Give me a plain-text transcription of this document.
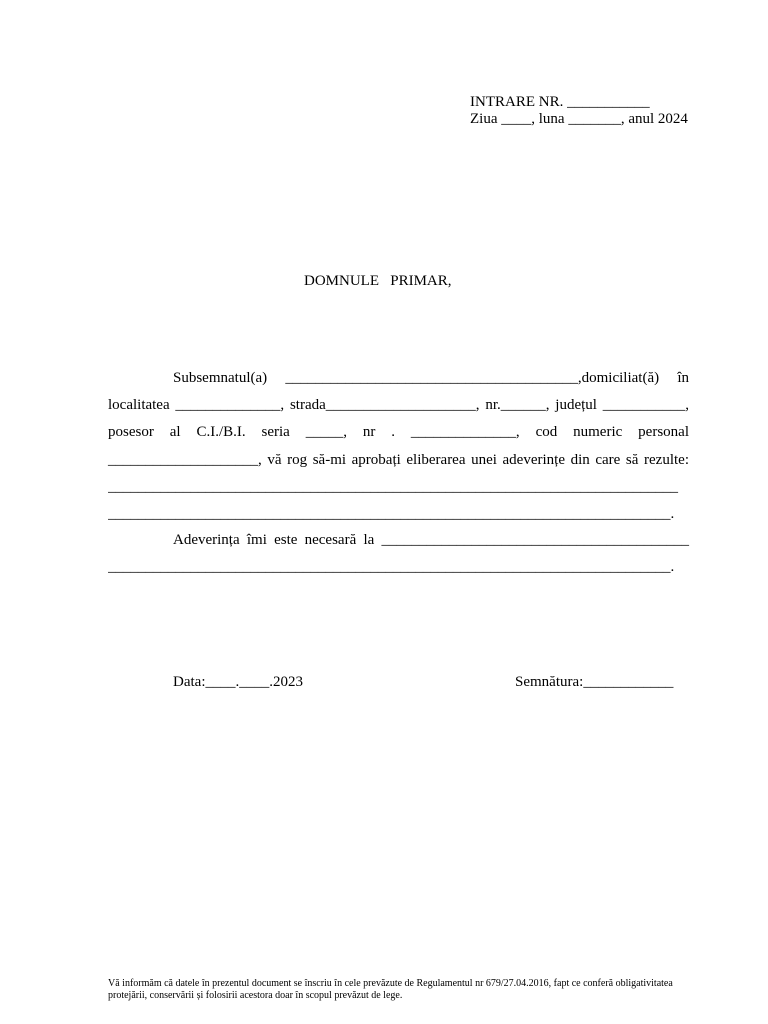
INTRARE NR. ___________
Ziua ____, luna _______, anul 2024
DOMNULE   PRIMAR,
Subsemnatul(a) _______________________________________,domiciliat(ă) în
localitatea ______________, strada____________________, nr.______, județul ___________,
posesor al C.I./B.I. seria _____, nr . ______________, cod numeric personal
____________________, vă rog să-mi aprobați eliberarea unei adeverințe din care să rezulte:
____________________________________________________________________________
___________________________________________________________________________.
Adeverința îmi este necesară la _________________________________________
___________________________________________________________________________.
Data:____.____.2023	Semnătura:____________
Vă informăm că datele în prezentul document se înscriu în cele prevăzute de Regulamentul nr 679/27.04.2016, fapt ce conferă obligativitatea protejării, conservării și folosirii acestora doar în scopul prevăzut de lege.
